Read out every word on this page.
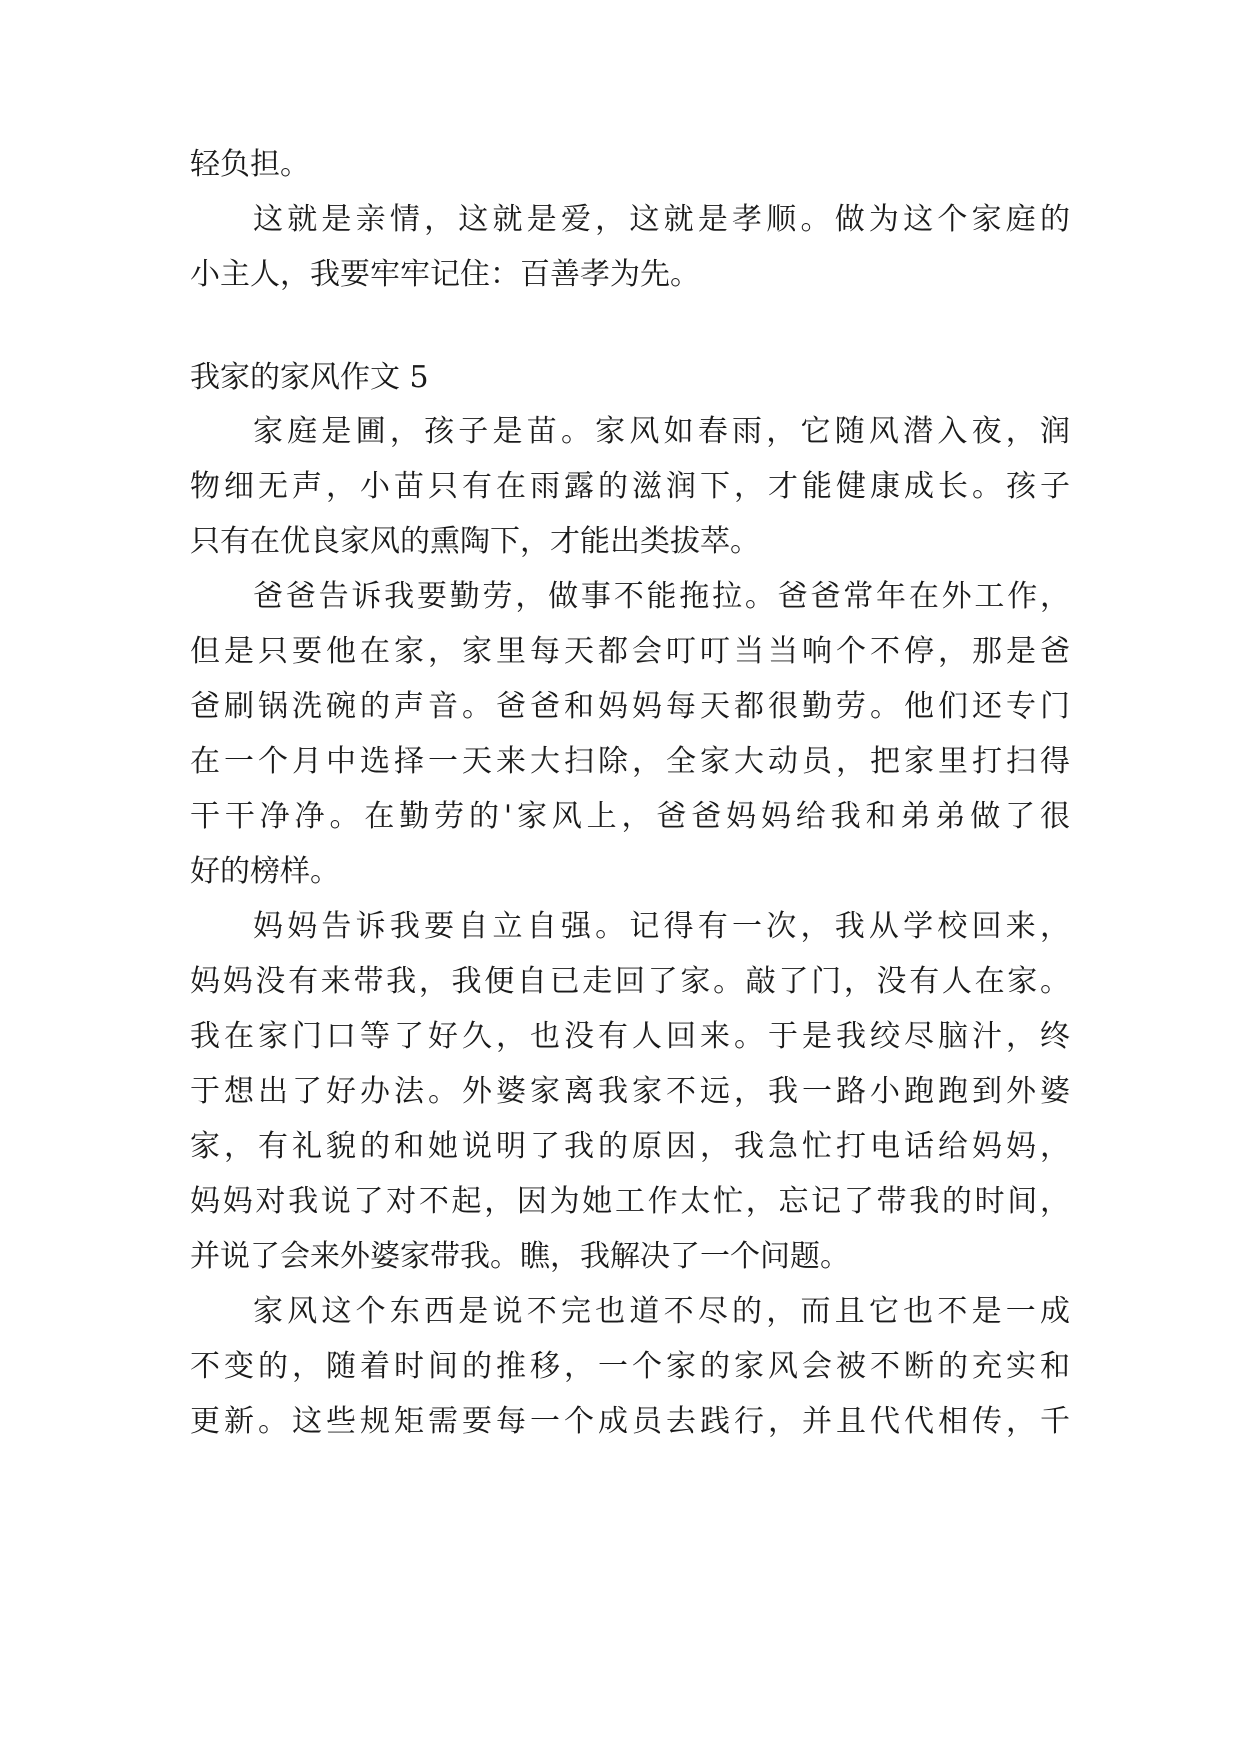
轻负担。
这就是亲情，这就是爱，这就是孝顺。做为这个家庭的
小主人，我要牢牢记住：百善孝为先。
我家的家风作文 5
家庭是圃，孩子是苗。家风如春雨，它随风潜入夜，润
物细无声，小苗只有在雨露的滋润下，才能健康成长。孩子
只有在优良家风的熏陶下，才能出类拔萃。
爸爸告诉我要勤劳，做事不能拖拉。爸爸常年在外工作，
但是只要他在家，家里每天都会叮叮当当响个不停，那是爸
爸刷锅洗碗的声音。爸爸和妈妈每天都很勤劳。他们还专门
在一个月中选择一天来大扫除，全家大动员，把家里打扫得
干干净净。在勤劳的'家风上，爸爸妈妈给我和弟弟做了很
好的榜样。
妈妈告诉我要自立自强。记得有一次，我从学校回来，
妈妈没有来带我，我便自已走回了家。敲了门，没有人在家。
我在家门口等了好久，也没有人回来。于是我绞尽脑汁，终
于想出了好办法。外婆家离我家不远，我一路小跑跑到外婆
家，有礼貌的和她说明了我的原因，我急忙打电话给妈妈，
妈妈对我说了对不起，因为她工作太忙，忘记了带我的时间，
并说了会来外婆家带我。瞧，我解决了一个问题。
家风这个东西是说不完也道不尽的，而且它也不是一成
不变的，随着时间的推移，一个家的家风会被不断的充实和
更新。这些规矩需要每一个成员去践行，并且代代相传，千
